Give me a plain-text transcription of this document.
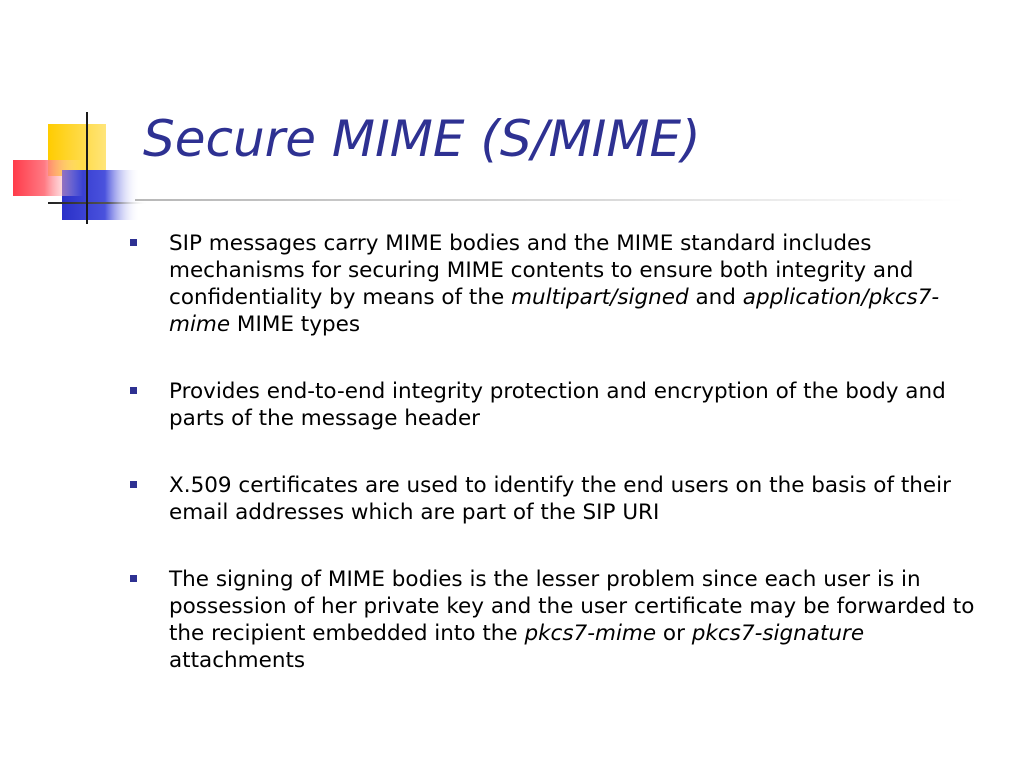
Secure MIME (S/MIME)
SIP messages carry MIME bodies and the MIME standard includes mechanisms for securing MIME contents to ensure both integrity and confidentiality by means of the multipart/signed and application/pkcs7-mime MIME types
Provides end-to-end integrity protection and encryption of the body and parts of the message header
X.509 certificates are used to identify the end users on the basis of their email addresses which are part of the SIP URI
The signing of MIME bodies is the lesser problem since each user is in possession of her private key and the user certificate may be forwarded to the recipient embedded into the pkcs7-mime or pkcs7-signature attachments
